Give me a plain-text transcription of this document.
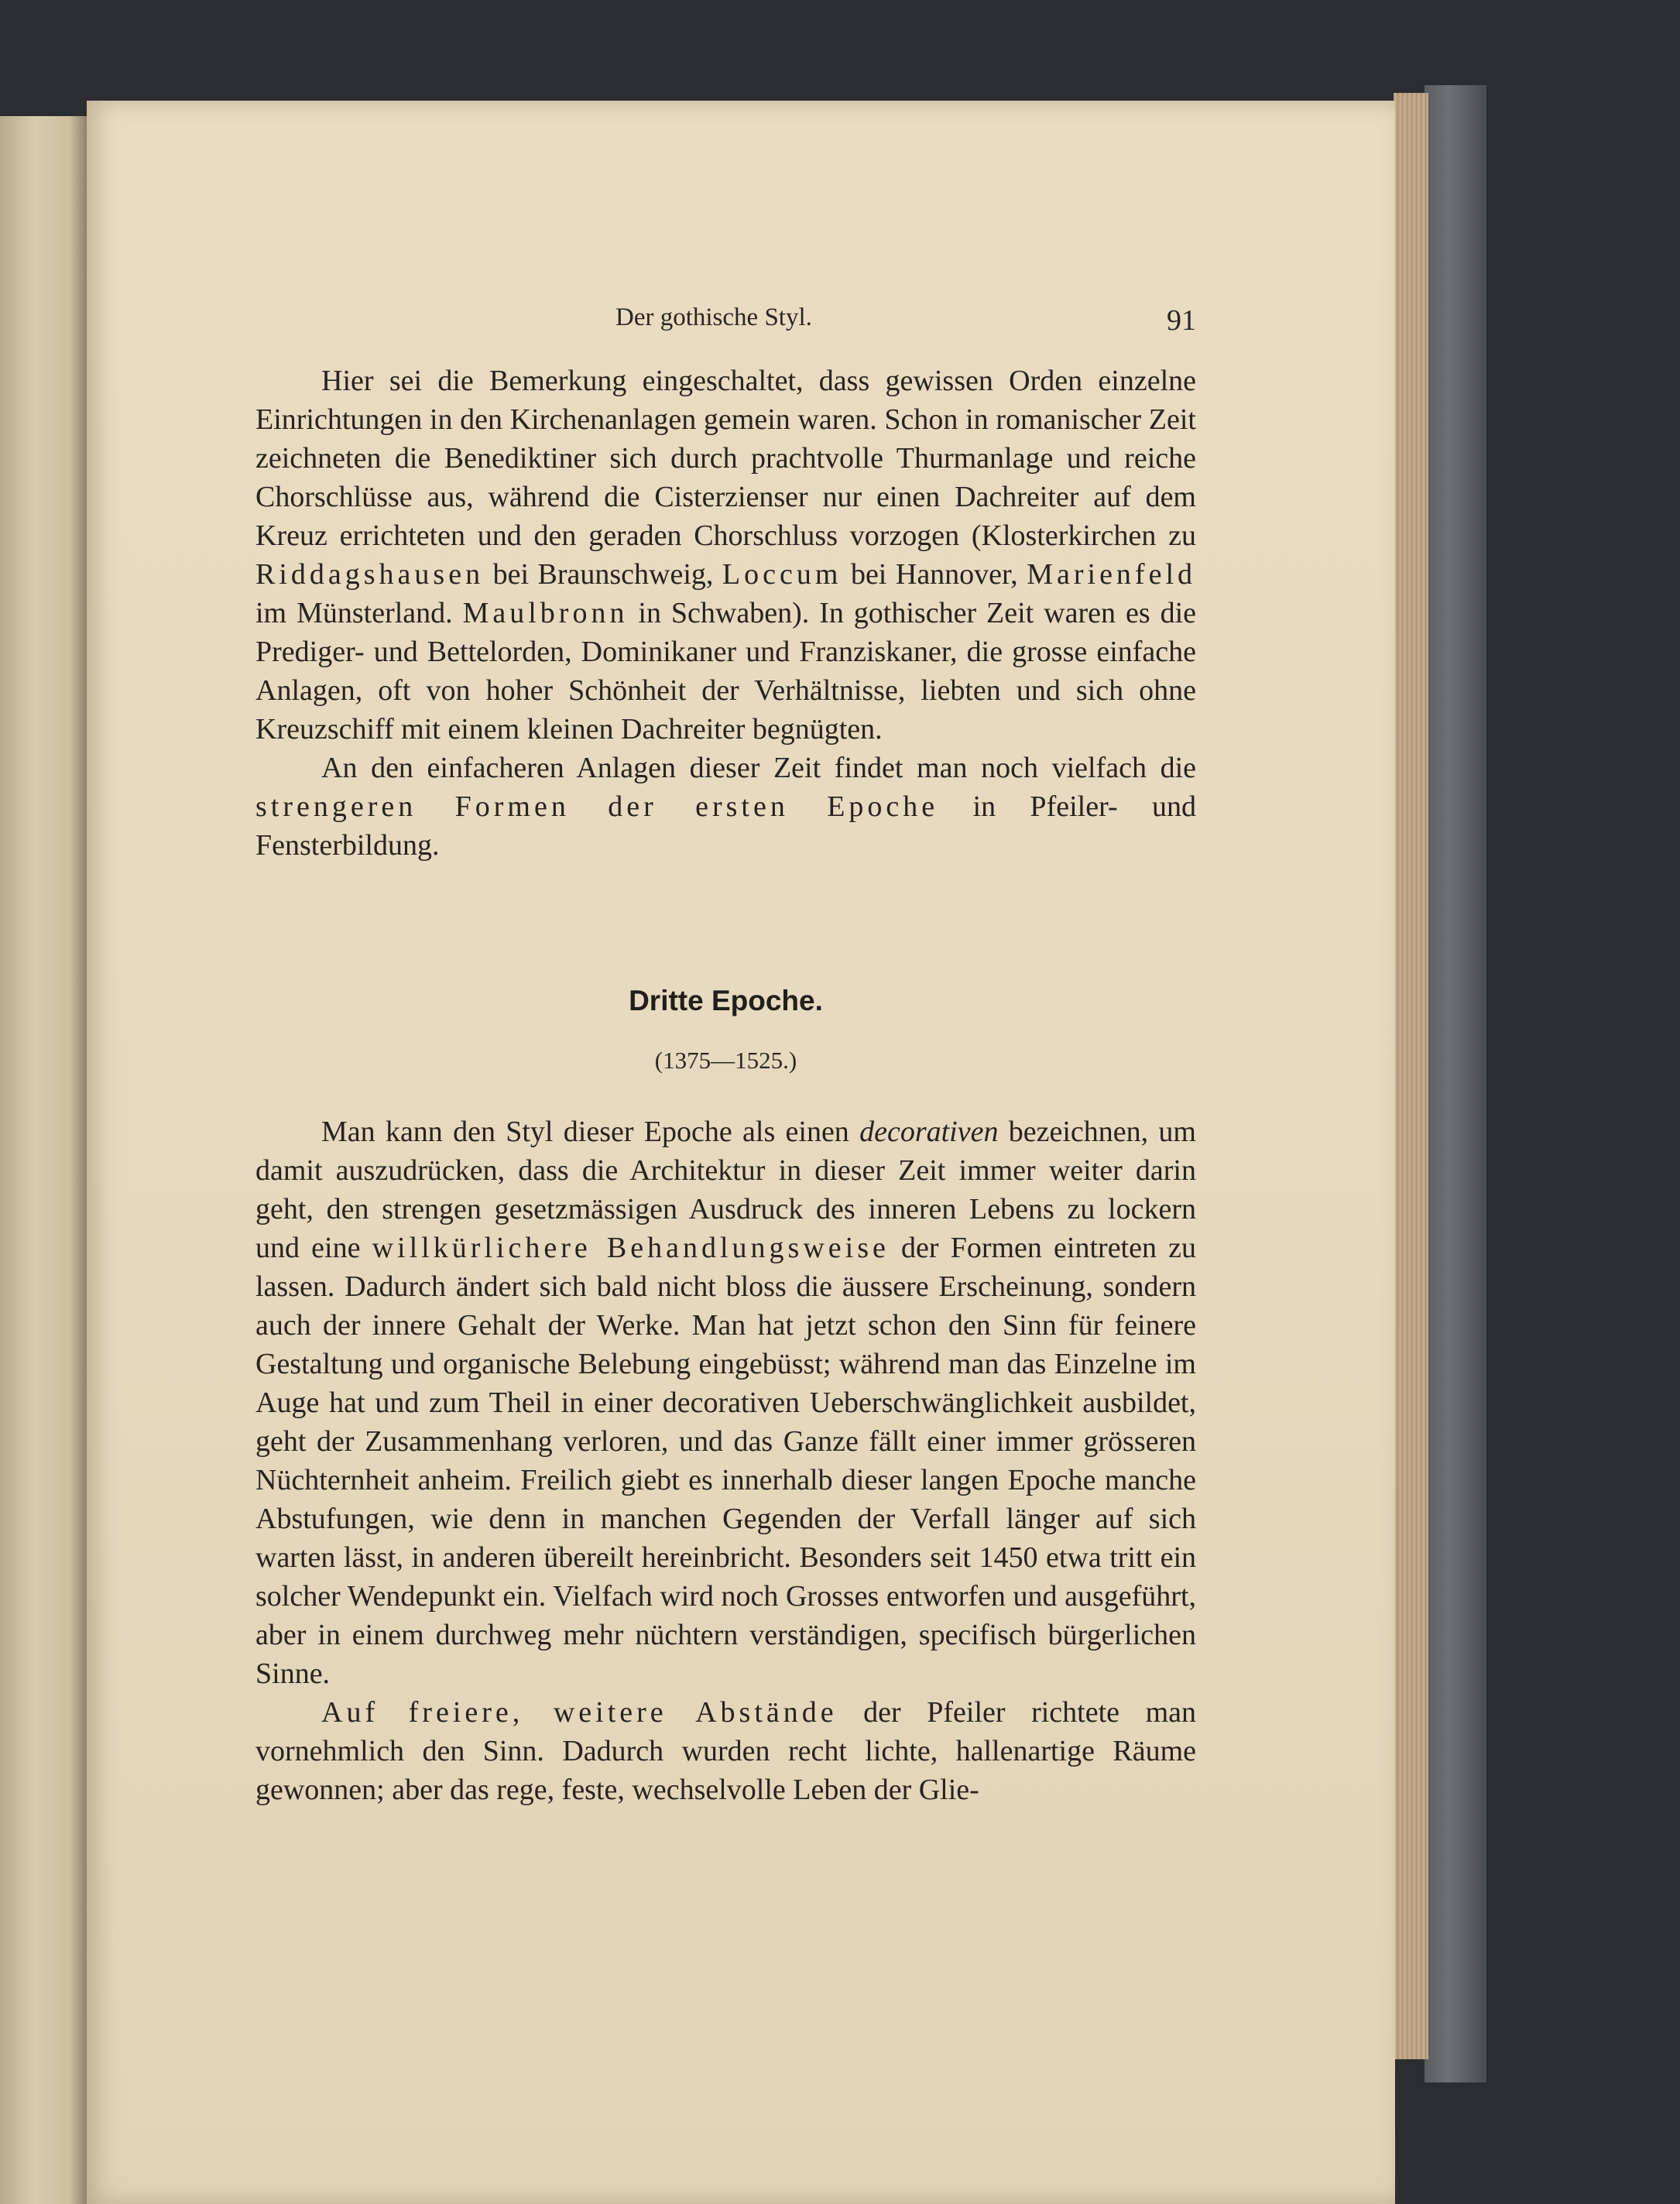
Der gothische Styl.	91

Hier sei die Bemerkung eingeschaltet, dass gewissen Orden einzelne Einrichtungen in den Kirchenanlagen gemein waren. Schon in romanischer Zeit zeichneten die Benediktiner sich durch prachtvolle Thurmanlage und reiche Chorschlüsse aus, während die Cisterzienser nur einen Dachreiter auf dem Kreuz errichteten und den geraden Chorschluss vorzogen (Klosterkirchen zu Riddagshausen bei Braunschweig, Loccum bei Hannover, Marienfeld im Münsterland. Maulbronn in Schwaben). In gothischer Zeit waren es die Prediger- und Bettelorden, Dominikaner und Franziskaner, die grosse einfache Anlagen, oft von hoher Schönheit der Verhältnisse, liebten und sich ohne Kreuzschiff mit einem kleinen Dachreiter begnügten.

An den einfacheren Anlagen dieser Zeit findet man noch vielfach die strengeren Formen der ersten Epoche in Pfeiler- und Fensterbildung.

Dritte Epoche.
(1375—1525.)

Man kann den Styl dieser Epoche als einen decorativen bezeichnen, um damit auszudrücken, dass die Architektur in dieser Zeit immer weiter darin geht, den strengen gesetzmässigen Ausdruck des inneren Lebens zu lockern und eine willkürlichere Behandlungsweise der Formen eintreten zu lassen. Dadurch ändert sich bald nicht bloss die äussere Erscheinung, sondern auch der innere Gehalt der Werke. Man hat jetzt schon den Sinn für feinere Gestaltung und organische Belebung eingebüsst; während man das Einzelne im Auge hat und zum Theil in einer decorativen Ueberschwänglichkeit ausbildet, geht der Zusammenhang verloren, und das Ganze fällt einer immer grösseren Nüchternheit anheim. Freilich giebt es innerhalb dieser langen Epoche manche Abstufungen, wie denn in manchen Gegenden der Verfall länger auf sich warten lässt, in anderen übereilt hereinbricht. Besonders seit 1450 etwa tritt ein solcher Wendepunkt ein. Vielfach wird noch Grosses entworfen und ausgeführt, aber in einem durchweg mehr nüchtern verständigen, specifisch bürgerlichen Sinne.

Auf freiere, weitere Abstände der Pfeiler richtete man vornehmlich den Sinn. Dadurch wurden recht lichte, hallenartige Räume gewonnen; aber das rege, feste, wechselvolle Leben der Glie-
